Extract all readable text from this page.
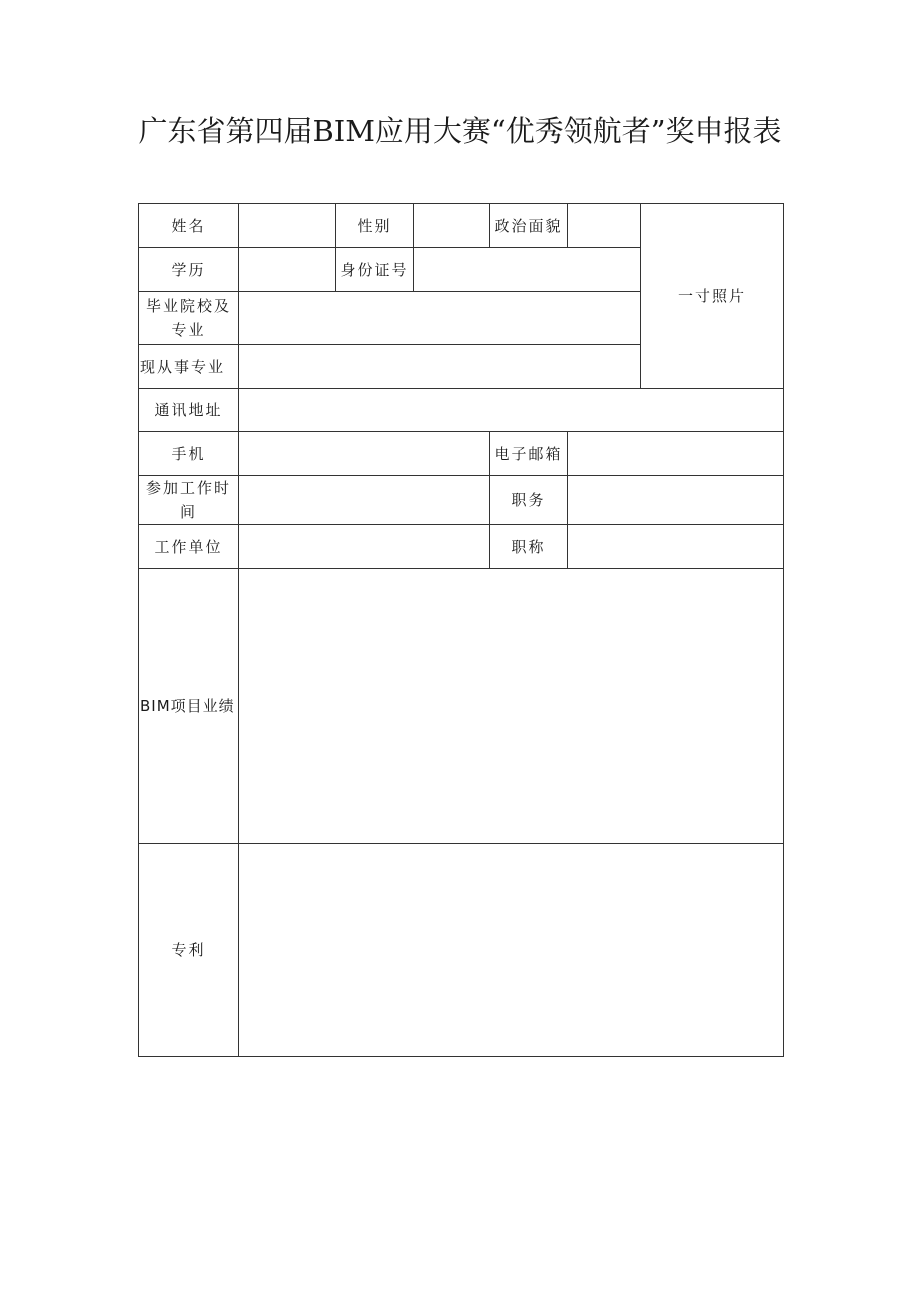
广东省第四届BIM应用大赛“优秀领航者”奖申报表
姓名		性别		政治面貌		一寸照片
学历		身份证号				
毕业院校及专业						
现从事专业						
通讯地址						
手机				电子邮箱		
参加工作时间				职务		
工作单位				职称		
BIM项目业绩						
专利						
